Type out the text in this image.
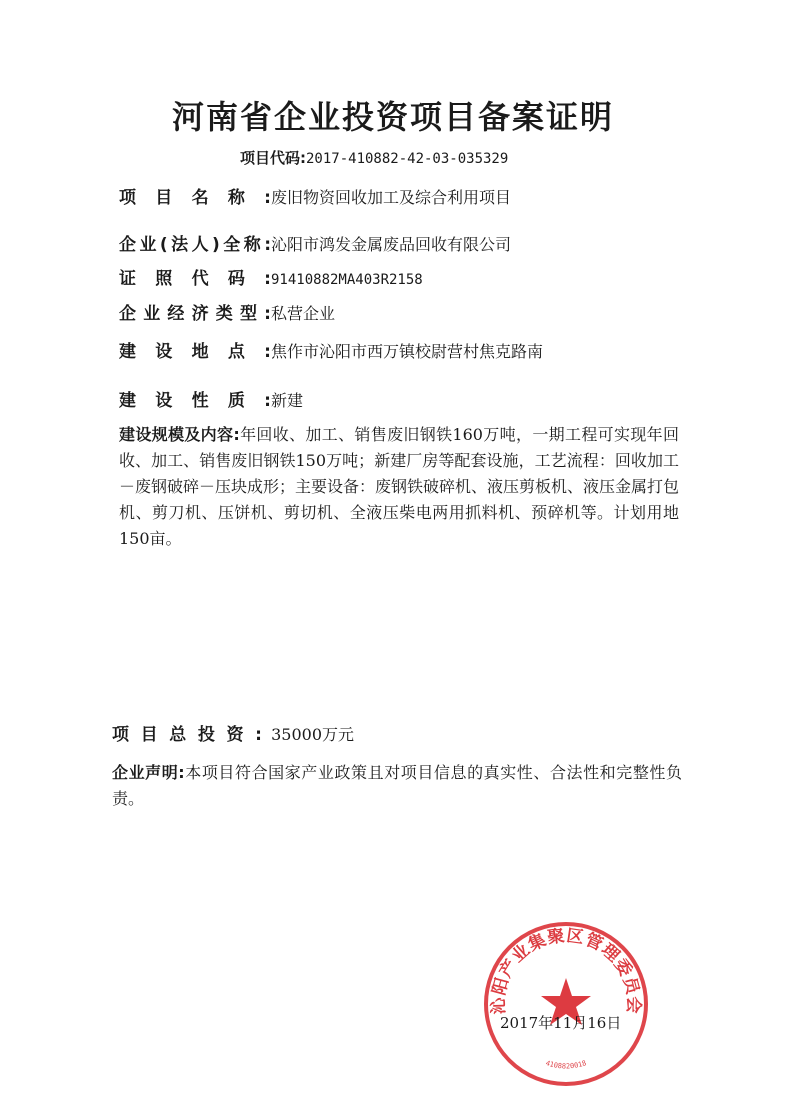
河南省企业投资项目备案证明
项目代码:2017-410882-42-03-035329
项目名称: 废旧物资回收加工及综合利用项目
企业(法人)全称: 沁阳市鸿发金属废品回收有限公司
证照代码: 91410882MA403R2158
企业经济类型: 私营企业
建设地点: 焦作市沁阳市西万镇校尉营村焦克路南
建设性质: 新建
建设规模及内容:年回收、加工、销售废旧钢铁160万吨，一期工程可实现年回收、加工、销售废旧钢铁150万吨；新建厂房等配套设施，工艺流程：回收加工－废钢破碎－压块成形；主要设备：废钢铁破碎机、液压剪板机、液压金属打包机、剪刀机、压饼机、剪切机、全液压柴电两用抓料机、预碎机等。计划用地150亩。
项目总投资: 35000万元
企业声明:本项目符合国家产业政策且对项目信息的真实性、合法性和完整性负责。
沁阳产业集聚区管理委员会
4108820018
2017年11月16日
